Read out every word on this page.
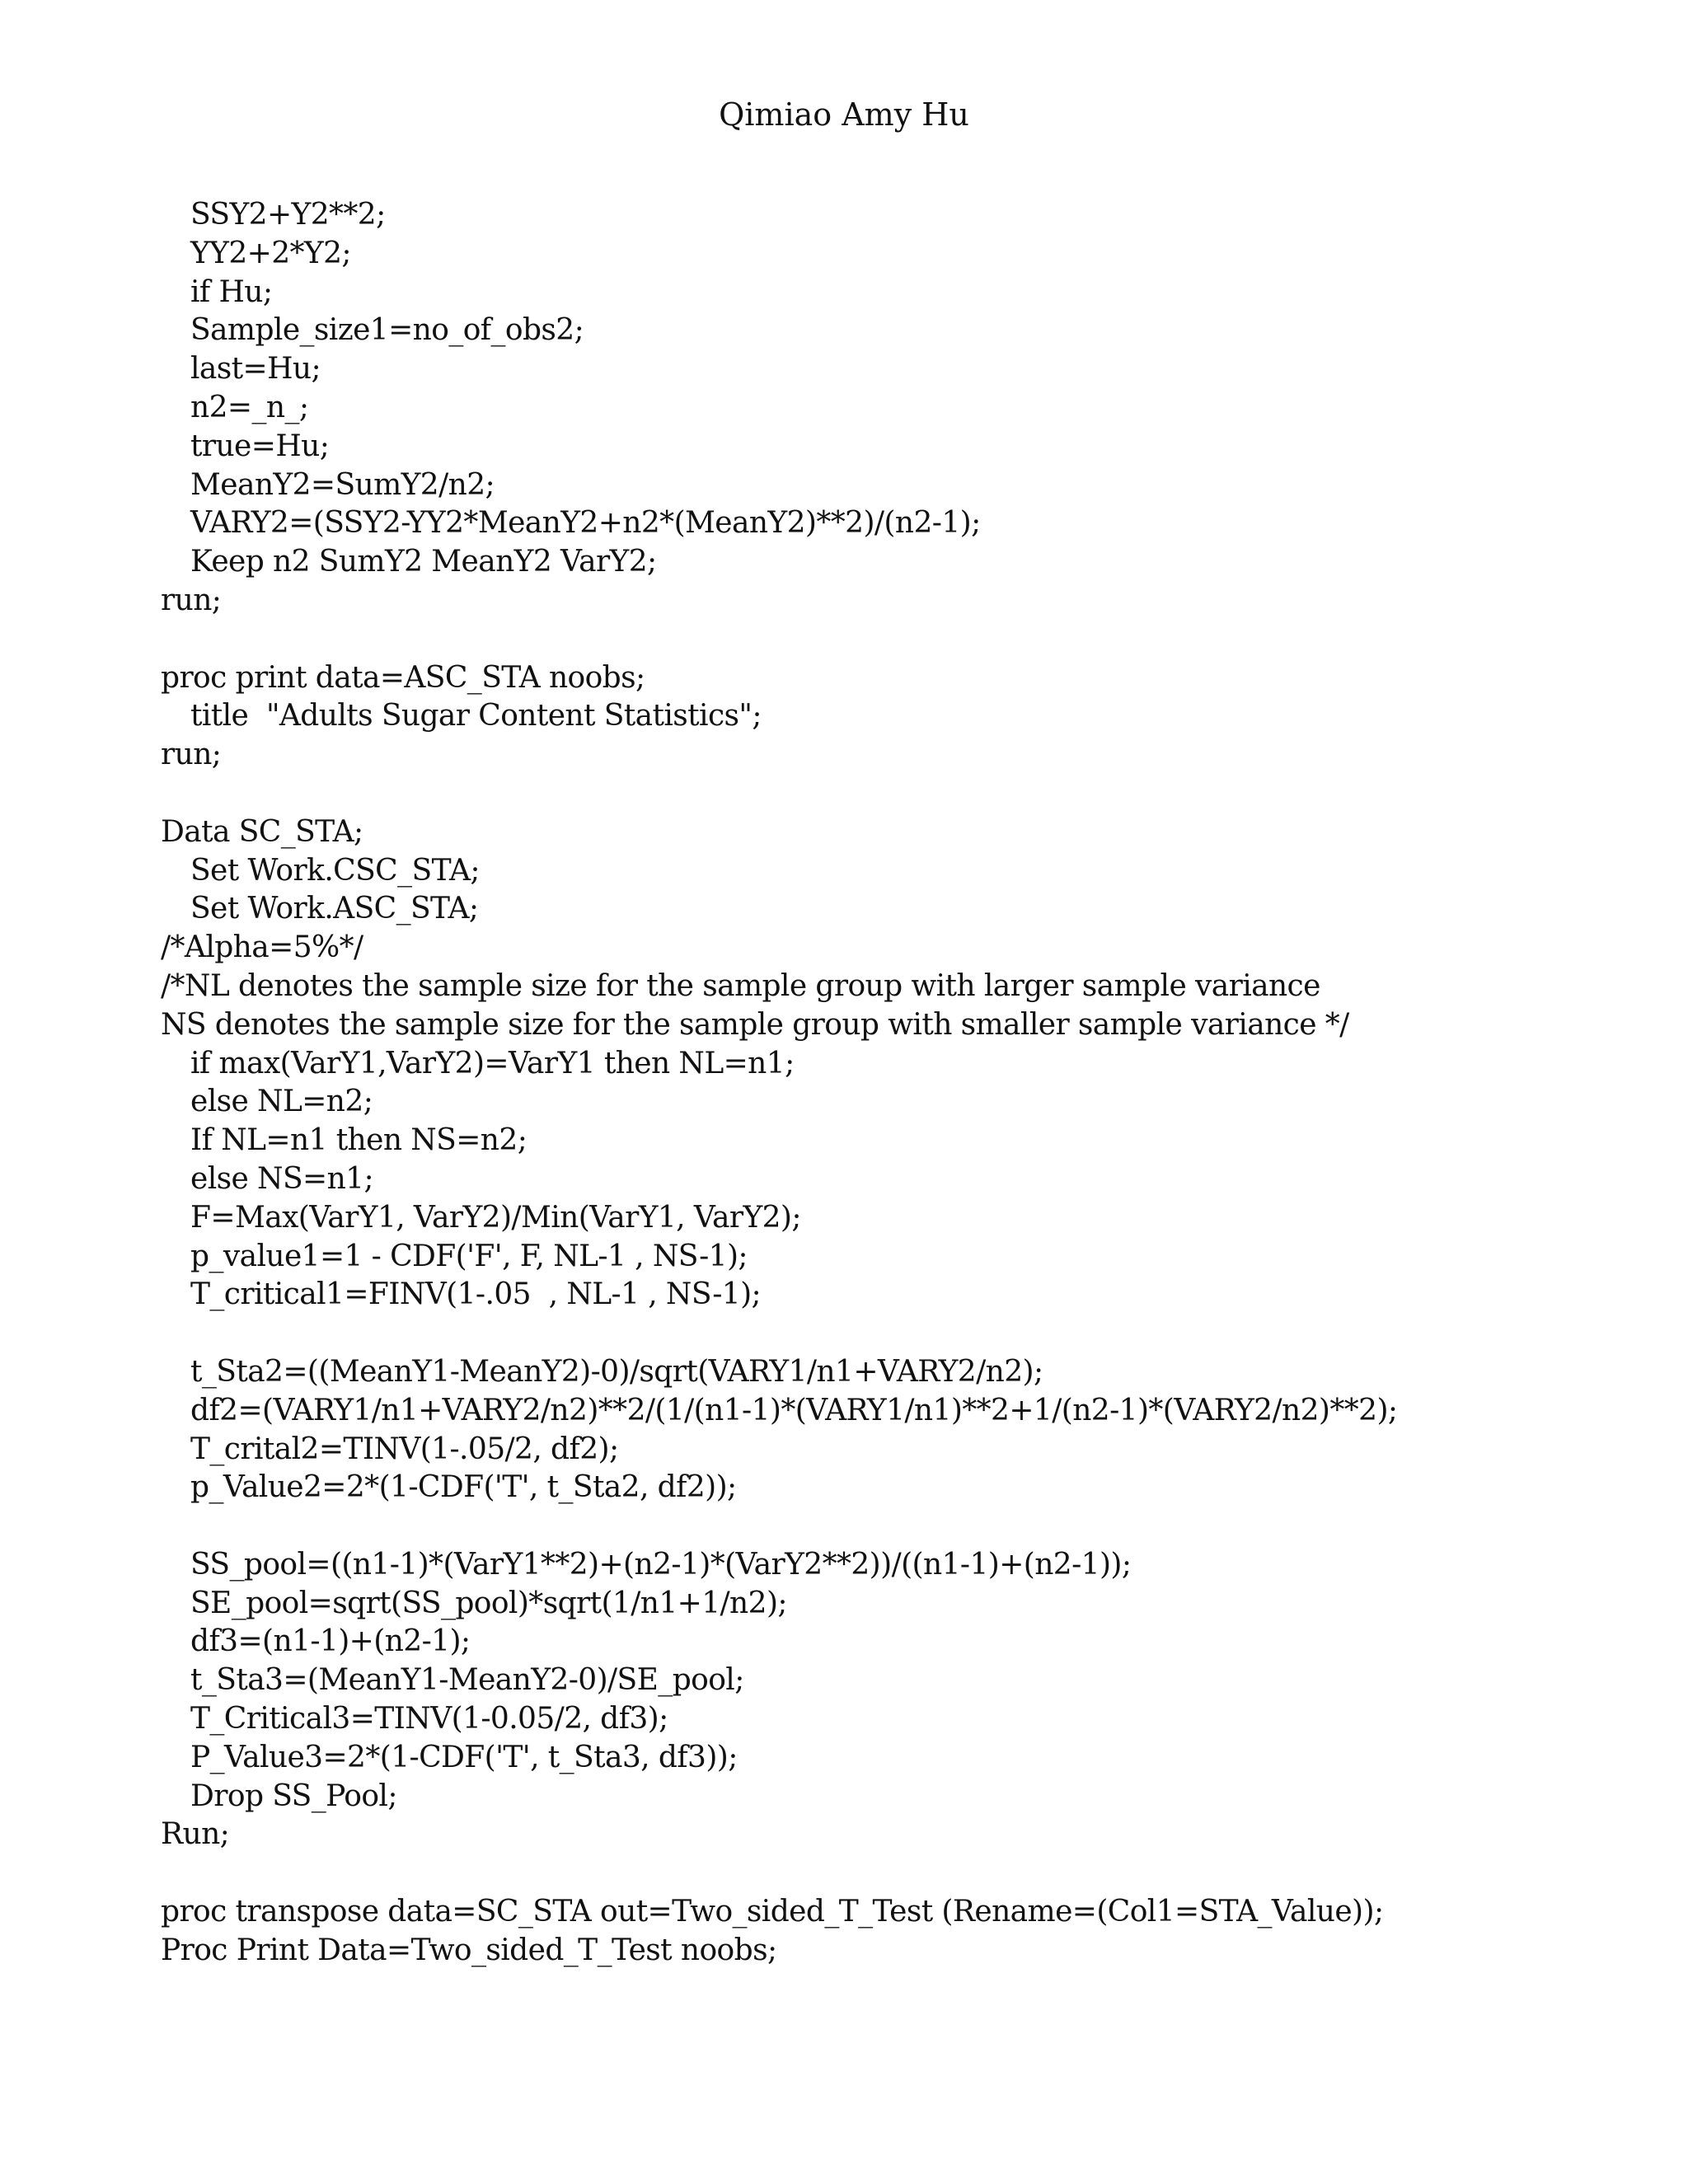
Qimiao Amy Hu
SSY2+Y2**2;
YY2+2*Y2;
if Hu;
Sample_size1=no_of_obs2;
last=Hu;
n2=_n_;
true=Hu;
MeanY2=SumY2/n2;
VARY2=(SSY2-YY2*MeanY2+n2*(MeanY2)**2)/(n2-1);
Keep n2 SumY2 MeanY2 VarY2;
run;
proc print data=ASC_STA noobs;
title  "Adults Sugar Content Statistics";
run;
Data SC_STA;
Set Work.CSC_STA;
Set Work.ASC_STA;
/*Alpha=5%*/
/*NL denotes the sample size for the sample group with larger sample variance
NS denotes the sample size for the sample group with smaller sample variance */
if max(VarY1,VarY2)=VarY1 then NL=n1;
else NL=n2;
If NL=n1 then NS=n2;
else NS=n1;
F=Max(VarY1, VarY2)/Min(VarY1, VarY2);
p_value1=1 - CDF('F', F, NL-1 , NS-1);
T_critical1=FINV(1-.05  , NL-1 , NS-1);
t_Sta2=((MeanY1-MeanY2)-0)/sqrt(VARY1/n1+VARY2/n2);
df2=(VARY1/n1+VARY2/n2)**2/(1/(n1-1)*(VARY1/n1)**2+1/(n2-1)*(VARY2/n2)**2);
T_crital2=TINV(1-.05/2, df2);
p_Value2=2*(1-CDF('T', t_Sta2, df2));
SS_pool=((n1-1)*(VarY1**2)+(n2-1)*(VarY2**2))/((n1-1)+(n2-1));
SE_pool=sqrt(SS_pool)*sqrt(1/n1+1/n2);
df3=(n1-1)+(n2-1);
t_Sta3=(MeanY1-MeanY2-0)/SE_pool;
T_Critical3=TINV(1-0.05/2, df3);
P_Value3=2*(1-CDF('T', t_Sta3, df3));
Drop SS_Pool;
Run;
proc transpose data=SC_STA out=Two_sided_T_Test (Rename=(Col1=STA_Value));
Proc Print Data=Two_sided_T_Test noobs;
